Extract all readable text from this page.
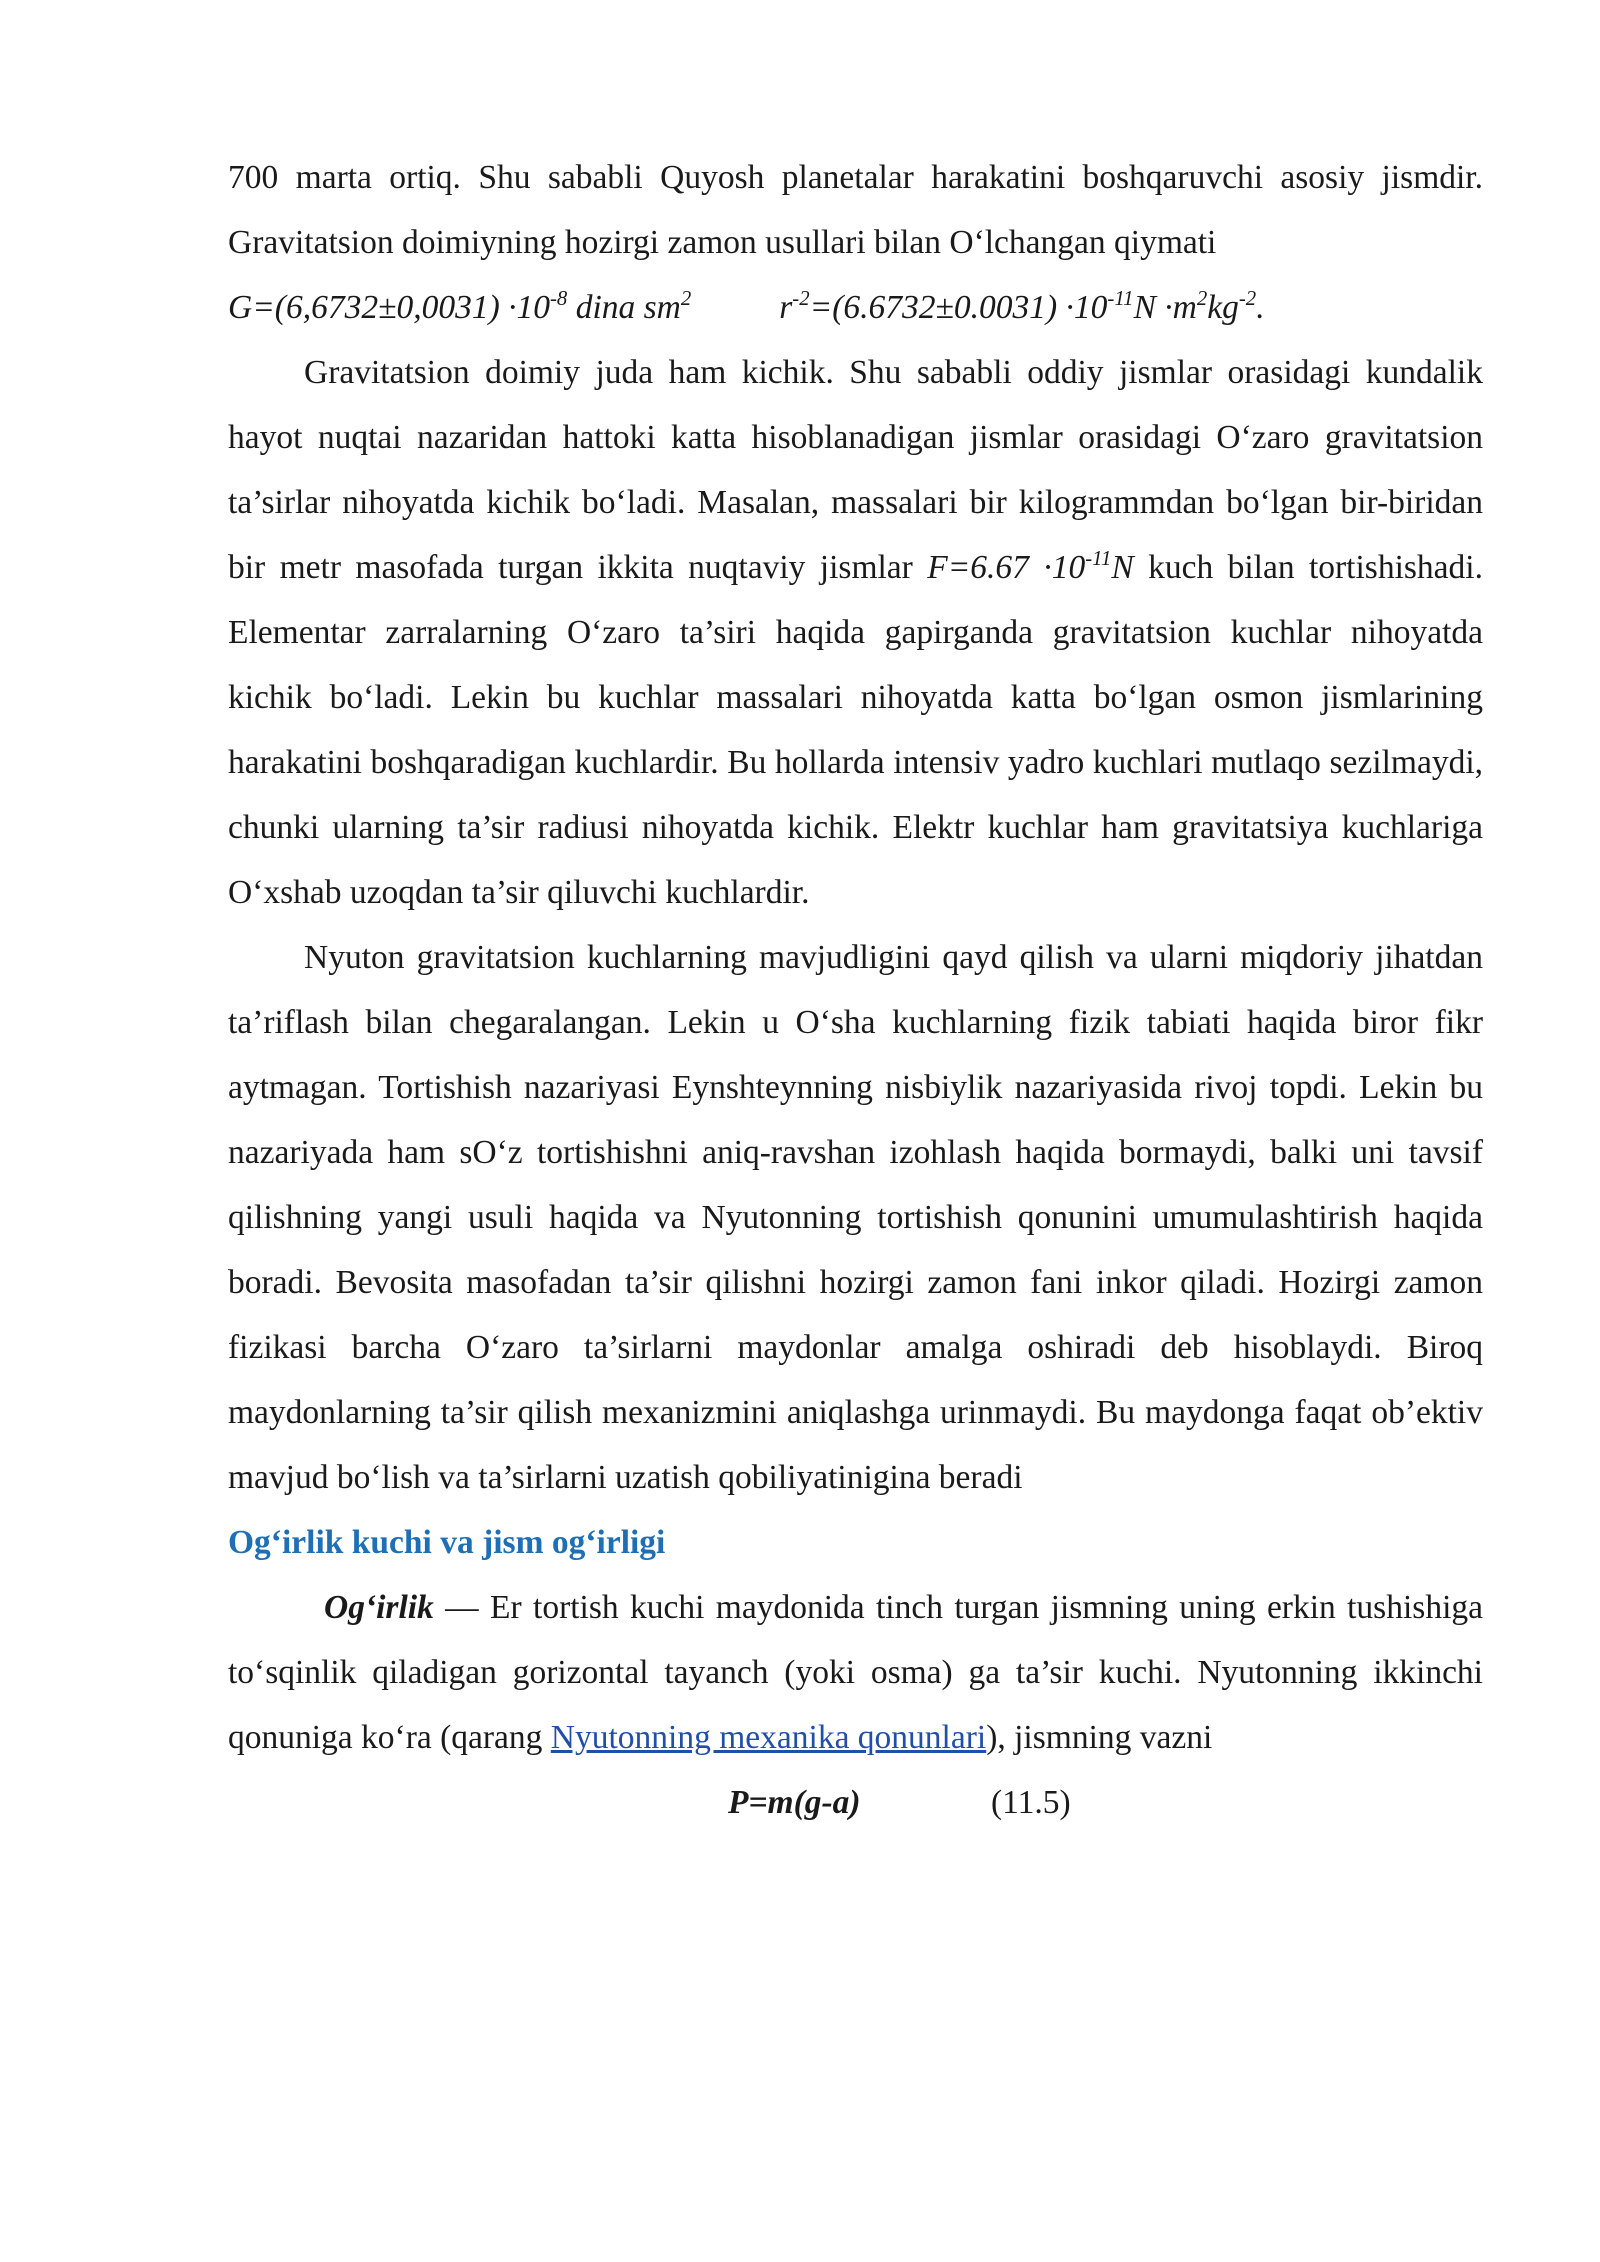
700 marta ortiq. Shu sababli Quyosh planetalar harakatini boshqaruvchi asosiy jismdir. Gravitatsion doimiyning hozirgi zamon usullari bilan O‘lchangan qiymati

$G=(6,6732\pm 0,0031) \cdot 10^{-8}$ dina $sm^2$	$r^{-2}=(6.6732\pm 0.0031) \cdot 10^{-11}N \cdot m^2kg^{-2}$.

Gravitatsion doimiy juda ham kichik. Shu sababli oddiy jismlar orasidagi kundalik hayot nuqtai nazaridan hattoki katta hisoblanadigan jismlar orasidagi O‘zaro gravitatsion ta’sirlar nihoyatda kichik bo‘ladi. Masalan, massalari bir kilogrammdan bo‘lgan bir-biridan bir metr masofada turgan ikkita nuqtaviy jismlar $F=6.67 \cdot 10^{-11}N$ kuch bilan tortishishadi. Elementar zarralarning O‘zaro ta’siri haqida gapirganda gravitatsion kuchlar nihoyatda kichik bo‘ladi. Lekin bu kuchlar massalari nihoyatda katta bo‘lgan osmon jismlarining harakatini boshqaradigan kuchlardir. Bu hollarda intensiv yadro kuchlari mutlaqo sezilmaydi, chunki ularning ta’sir radiusi nihoyatda kichik. Elektr kuchlar ham gravitatsiya kuchlariga O‘xshab uzoqdan ta’sir qiluvchi kuchlardir.

Nyuton gravitatsion kuchlarning mavjudligini qayd qilish va ularni miqdoriy jihatdan ta’riflash bilan chegaralangan. Lekin u O‘sha kuchlarning fizik tabiati haqida biror fikr aytmagan. Tortishish nazariyasi Eynshteynning nisbiylik nazariyasida rivoj topdi. Lekin bu nazariyada ham sO‘z tortishishni aniq-ravshan izohlash haqida bormaydi, balki uni tavsif qilishning yangi usuli haqida va Nyutonning tortishish qonunini umumulashtirish haqida boradi. Bevosita masofadan ta’sir qilishni hozirgi zamon fani inkor qiladi. Hozirgi zamon fizikasi barcha O‘zaro ta’sirlarni maydonlar amalga oshiradi deb hisoblaydi. Biroq maydonlarning ta’sir qilish mexanizmini aniqlashga urinmaydi. Bu maydonga faqat ob’ektiv mavjud bo‘lish va ta’sirlarni uzatish qobiliyatinigina beradi

Og‘irlik kuchi va jism og‘irligi

Og‘irlik — Er tortish kuchi maydonida tinch turgan jismning uning erkin tushishiga to‘sqinlik qiladigan gorizontal tayanch (yoki osma) ga ta’sir kuchi. Nyutonning ikkinchi qonuniga ko‘ra (qarang Nyutonning mexanika qonunlari), jismning vazni

P=m(g-a)	(11.5)
